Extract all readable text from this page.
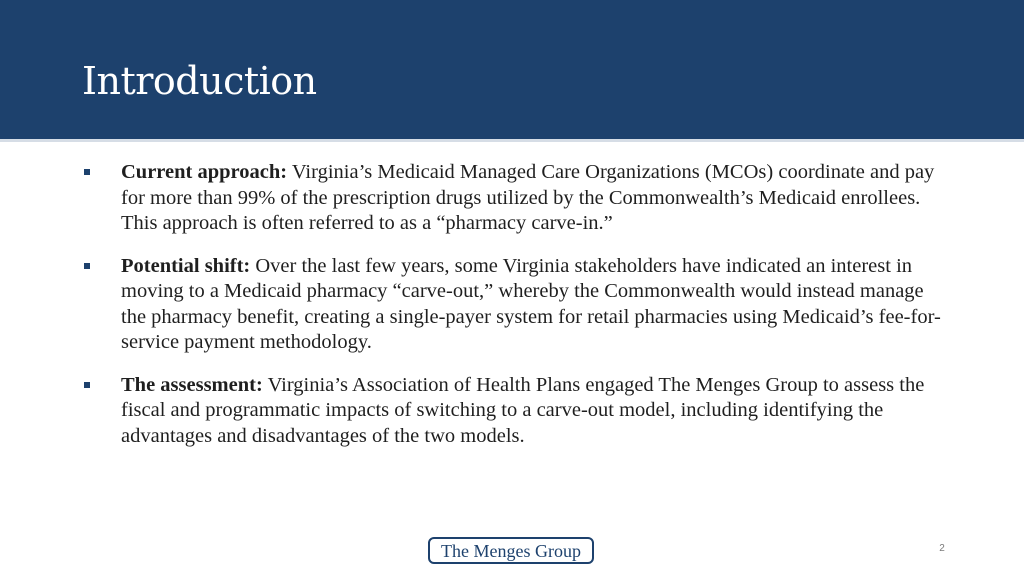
Introduction
Current approach: Virginia’s Medicaid Managed Care Organizations (MCOs) coordinate and pay for more than 99% of the prescription drugs utilized by the Commonwealth’s Medicaid enrollees. This approach is often referred to as a “pharmacy carve-in.”
Potential shift: Over the last few years, some Virginia stakeholders have indicated an interest in moving to a Medicaid pharmacy “carve-out,” whereby the Commonwealth would instead manage the pharmacy benefit, creating a single-payer system for retail pharmacies using Medicaid’s fee-for-service payment methodology.
The assessment: Virginia’s Association of Health Plans engaged The Menges Group to assess the fiscal and programmatic impacts of switching to a carve-out model, including identifying the advantages and disadvantages of the two models.
The Menges Group	2
